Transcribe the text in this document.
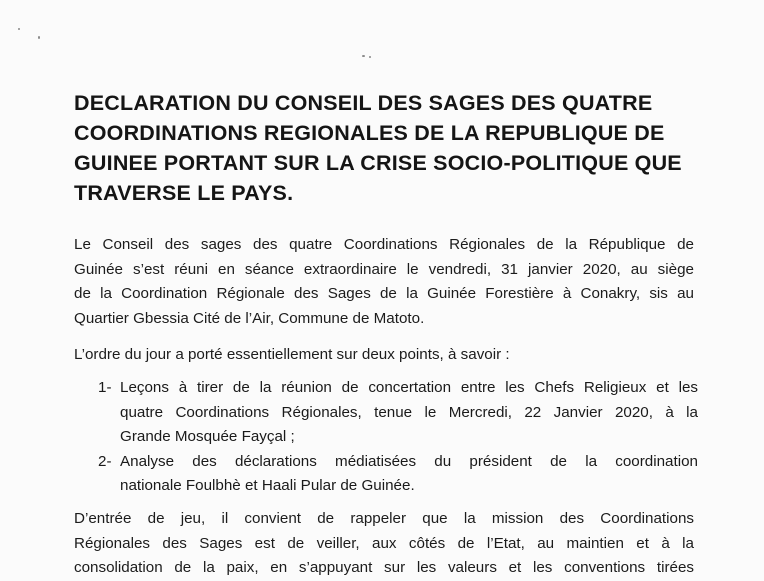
DECLARATION DU CONSEIL DES SAGES DES QUATRE
COORDINATIONS REGIONALES DE LA REPUBLIQUE DE
GUINEE PORTANT SUR LA CRISE SOCIO-POLITIQUE QUE
TRAVERSE LE PAYS.
Le Conseil des sages des quatre Coordinations Régionales de la République de
Guinée s’est réuni en séance extraordinaire le vendredi, 31 janvier 2020, au siège
de la Coordination Régionale des Sages de la Guinée Forestière à Conakry, sis au
Quartier Gbessia Cité de l’Air, Commune de Matoto.
L’ordre du jour a porté essentiellement sur deux points, à savoir :
1- Leçons à tirer de la réunion de concertation entre les Chefs Religieux et les
quatre Coordinations Régionales, tenue le Mercredi, 22 Janvier 2020, à la
Grande Mosquée Fayçal ;
2- Analyse des déclarations médiatisées du président de la coordination
nationale Foulbhè et Haali Pular de Guinée.
D’entrée de jeu, il convient de rappeler que la mission des Coordinations
Régionales des Sages est de veiller, aux côtés de l’Etat, au maintien et à la
consolidation de la paix, en s’appuyant sur les valeurs et les conventions tirées
